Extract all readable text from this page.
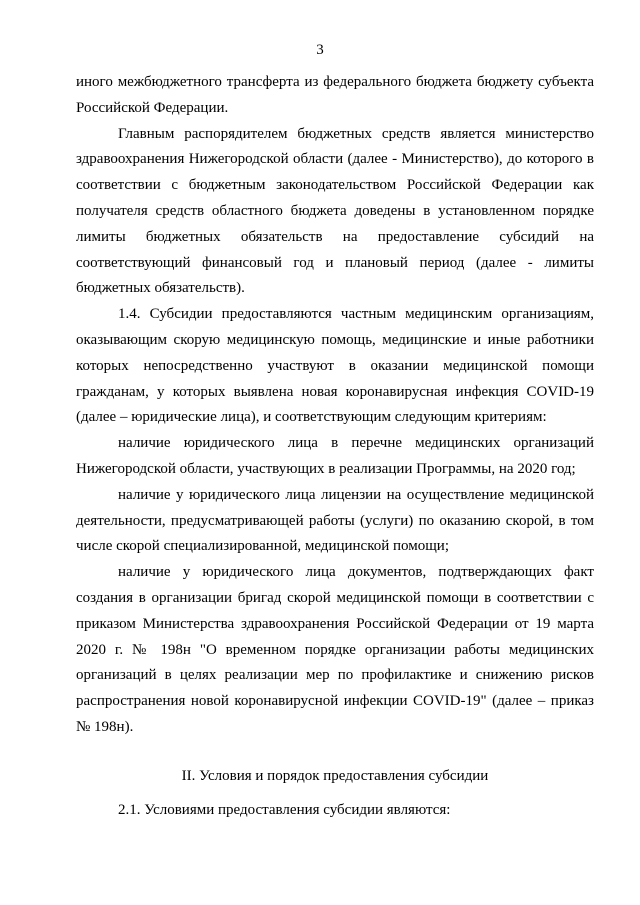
3

иного межбюджетного трансферта из федерального бюджета бюджету субъекта Российской Федерации.

Главным распорядителем бюджетных средств является министерство здравоохранения Нижегородской области (далее - Министерство), до которого в соответствии с бюджетным законодательством Российской Федерации как получателя средств областного бюджета доведены в установленном порядке лимиты бюджетных обязательств на предоставление субсидий на соответствующий финансовый год и плановый период (далее - лимиты бюджетных обязательств).

1.4. Субсидии предоставляются частным медицинским организациям, оказывающим скорую медицинскую помощь, медицинские и иные работники которых непосредственно участвуют в оказании медицинской помощи гражданам, у которых выявлена новая коронавирусная инфекция COVID-19 (далее – юридические лица), и соответствующим следующим критериям:

наличие юридического лица в перечне медицинских организаций Нижегородской области, участвующих в реализации Программы, на 2020 год;

наличие у юридического лица лицензии на осуществление медицинской деятельности, предусматривающей работы (услуги) по оказанию скорой, в том числе скорой специализированной, медицинской помощи;

наличие у юридического лица документов, подтверждающих факт создания в организации бригад скорой медицинской помощи в соответствии с приказом Министерства здравоохранения Российской Федерации от 19 марта 2020 г. № 198н "О временном порядке организации работы медицинских организаций в целях реализации мер по профилактике и снижению рисков распространения новой коронавирусной инфекции COVID-19" (далее – приказ № 198н).

II. Условия и порядок предоставления субсидии

2.1. Условиями предоставления субсидии являются:
